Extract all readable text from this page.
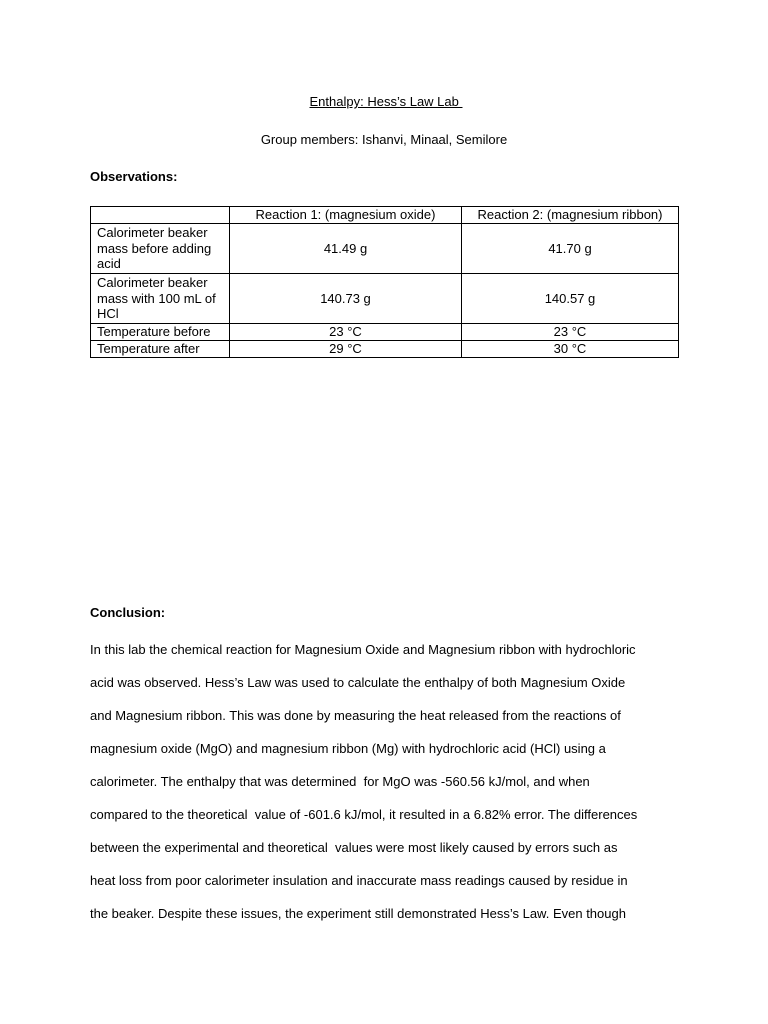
Enthalpy: Hess’s Law Lab
Group members: Ishanvi, Minaal, Semilore
Observations:
	Reaction 1: (magnesium oxide)	Reaction 2: (magnesium ribbon)
Calorimeter beaker mass before adding acid	41.49 g	41.70 g
Calorimeter beaker mass with 100 mL of HCl	140.73 g	140.57 g
Temperature before	23 °C	23 °C
Temperature after	29 °C	30 °C
Conclusion:
In this lab the chemical reaction for Magnesium Oxide and Magnesium ribbon with hydrochloric
acid was observed. Hess’s Law was used to calculate the enthalpy of both Magnesium Oxide
and Magnesium ribbon. This was done by measuring the heat released from the reactions of
magnesium oxide (MgO) and magnesium ribbon (Mg) with hydrochloric acid (HCl) using a
calorimeter. The enthalpy that was determined  for MgO was -560.56 kJ/mol, and when
compared to the theoretical  value of -601.6 kJ/mol, it resulted in a 6.82% error. The differences
between the experimental and theoretical  values were most likely caused by errors such as
heat loss from poor calorimeter insulation and inaccurate mass readings caused by residue in
the beaker. Despite these issues, the experiment still demonstrated Hess’s Law. Even though
